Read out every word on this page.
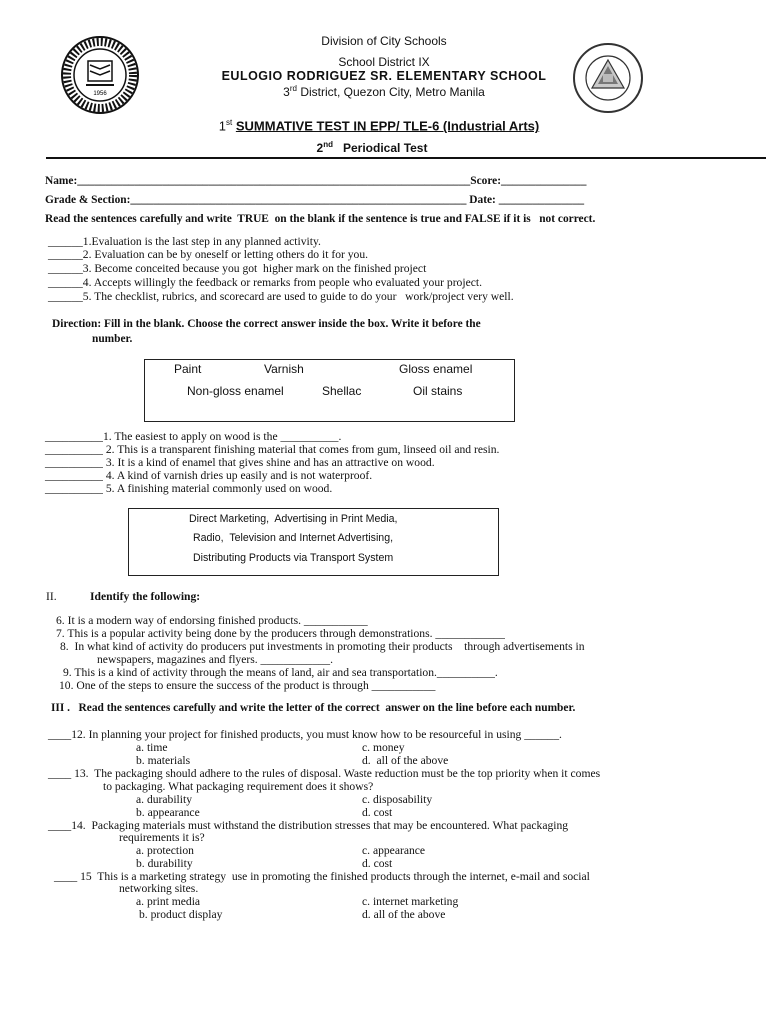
1956
Division of City Schools
School District IX
EULOGIO RODRIGUEZ SR. ELEMENTARY SCHOOL
3rd District, Quezon City, Metro Manila
1st SUMMATIVE TEST IN EPP/ TLE-6 (Industrial Arts)
2nd Periodical Test
Name:_____________________________________________________________________Score:_______________
Grade & Section:___________________________________________________________ Date: _______________
Read the sentences carefully and write  TRUE  on the blank if the sentence is true and FALSE if it is   not correct.
______1.Evaluation is the last step in any planned activity.
______2. Evaluation can be by oneself or letting others do it for you.
______3. Become conceited because you got  higher mark on the finished project
______4. Accepts willingly the feedback or remarks from people who evaluated your project.
______5. The checklist, rubrics, and scorecard are used to guide to do your   work/project very well.
Direction: Fill in the blank. Choose the correct answer inside the box. Write it before the
number.
Paint	Varnish	Gloss enamel
Non-gloss enamel	Shellac	Oil stains
__________1. The easiest to apply on wood is the __________.
__________ 2. This is a transparent finishing material that comes from gum, linseed oil and resin.
__________ 3. It is a kind of enamel that gives shine and has an attractive on wood.
__________ 4. A kind of varnish dries up easily and is not waterproof.
__________ 5. A finishing material commonly used on wood.
Direct Marketing,  Advertising in Print Media,
Radio,  Television and Internet Advertising,
Distributing Products via Transport System
II.	Identify the following:
6. It is a modern way of endorsing finished products. ___________
7. This is a popular activity being done by the producers through demonstrations. ____________
8.  In what kind of activity do producers put investments in promoting their products    through advertisements in
newspapers, magazines and flyers. ____________.
9. This is a kind of activity through the means of land, air and sea transportation.__________.
10. One of the steps to ensure the success of the product is through ___________
III .   Read the sentences carefully and write the letter of the correct  answer on the line before each number.
____12. In planning your project for finished products, you must know how to be resourceful in using ______.
a. time	c. money
b. materials	d.  all of the above
____ 13.  The packaging should adhere to the rules of disposal. Waste reduction must be the top priority when it comes
to packaging. What packaging requirement does it shows?
a. durability	c. disposability
b. appearance	d. cost
____14.  Packaging materials must withstand the distribution stresses that may be encountered. What packaging
requirements it is?
a. protection	c. appearance
b. durability	d. cost
____ 15  This is a marketing strategy  use in promoting the finished products through the internet, e-mail and social
networking sites.
a. print media	c. internet marketing
b. product display	d. all of the above
